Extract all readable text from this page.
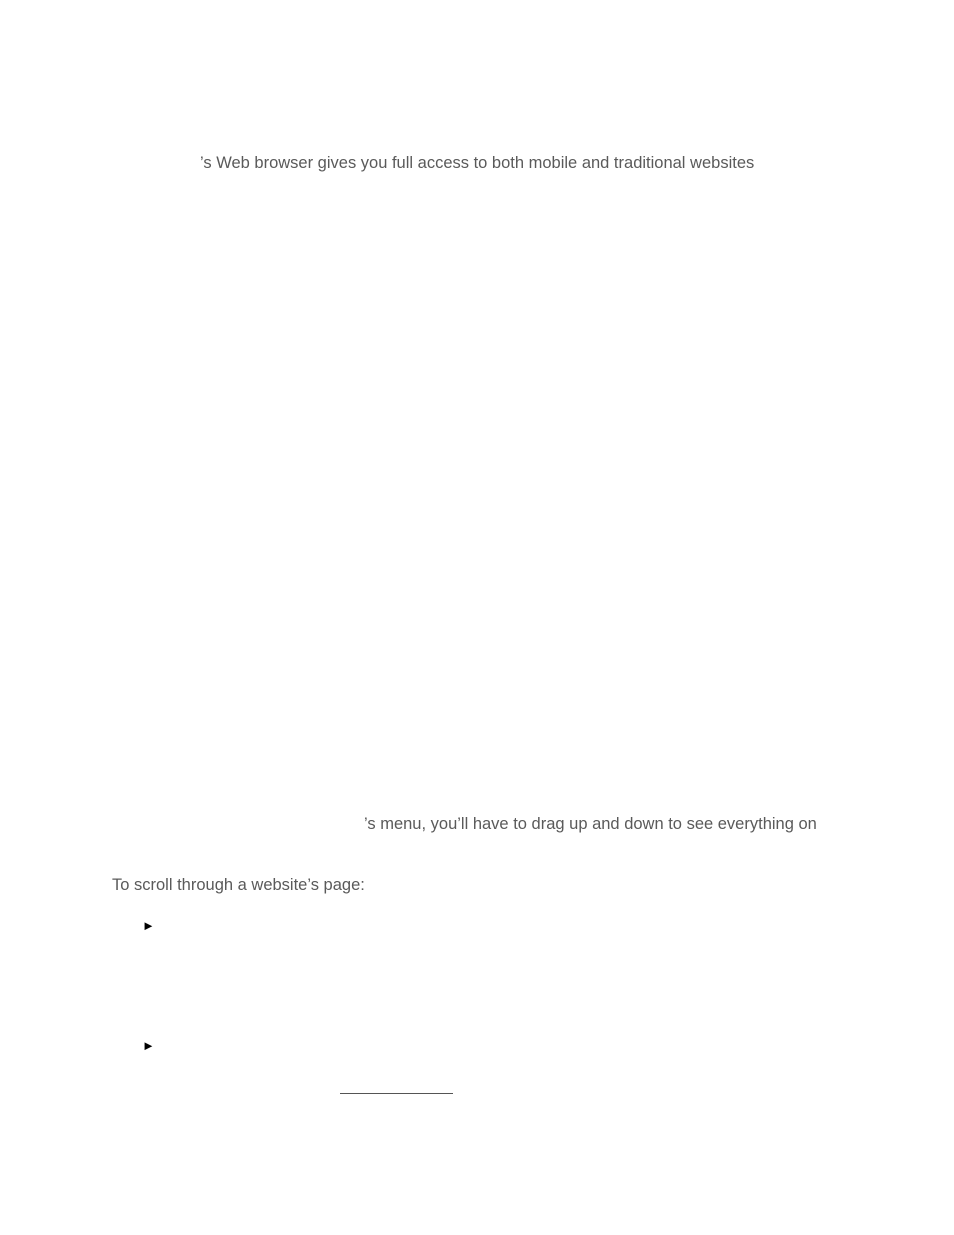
’s Web browser gives you full access to both mobile and traditional websites
’s menu, you’ll have to drag up and down to see everything on
To scroll through a website’s page:
►
►
